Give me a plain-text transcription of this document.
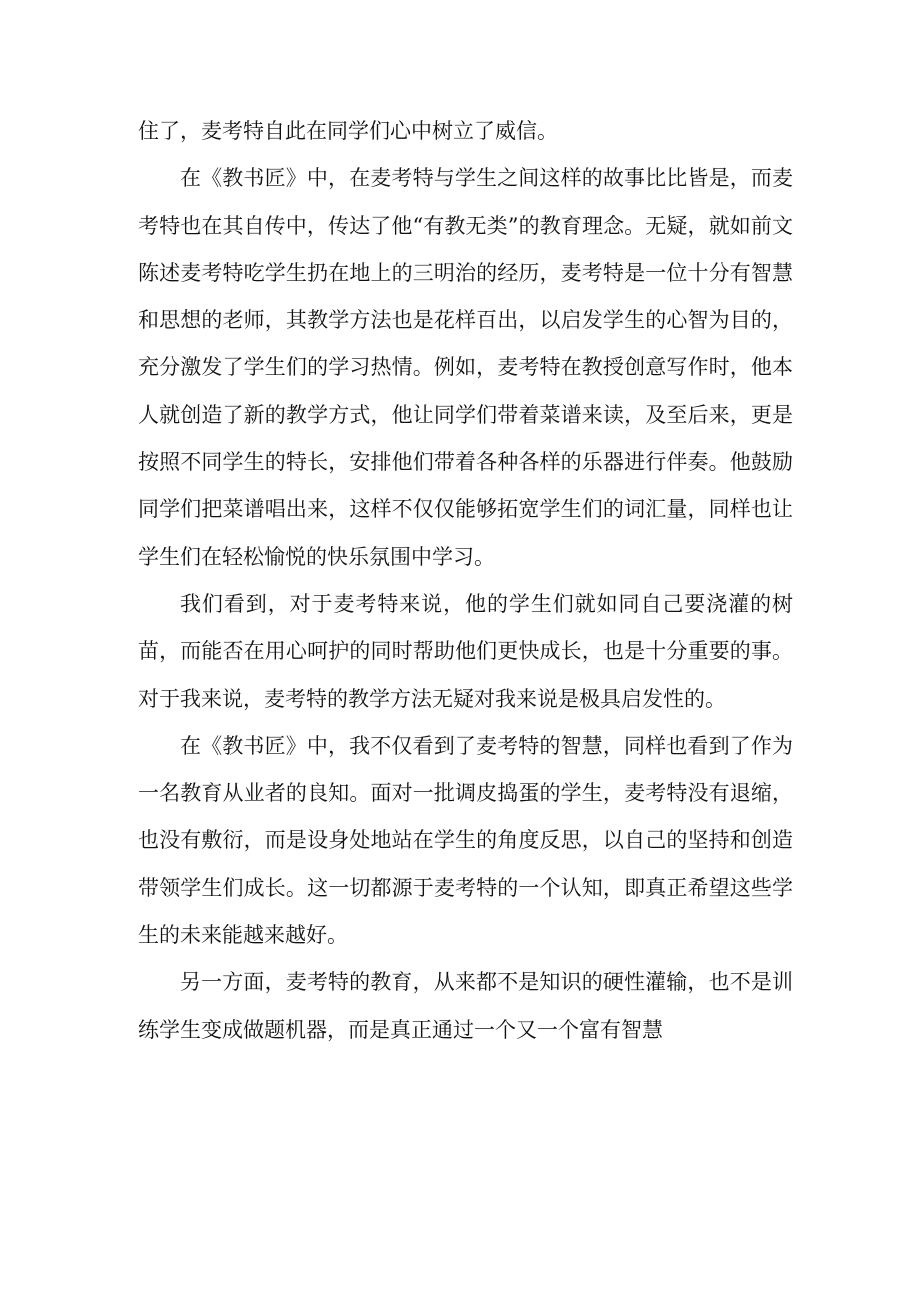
住了，麦考特自此在同学们心中树立了威信。

在《教书匠》中，在麦考特与学生之间这样的故事比比皆是，而麦考特也在其自传中，传达了他“有教无类”的教育理念。无疑，就如前文陈述麦考特吃学生扔在地上的三明治的经历，麦考特是一位十分有智慧和思想的老师，其教学方法也是花样百出，以启发学生的心智为目的，充分激发了学生们的学习热情。例如，麦考特在教授创意写作时，他本人就创造了新的教学方式，他让同学们带着菜谱来读，及至后来，更是按照不同学生的特长，安排他们带着各种各样的乐器进行伴奏。他鼓励同学们把菜谱唱出来，这样不仅仅能够拓宽学生们的词汇量，同样也让学生们在轻松愉悦的快乐氛围中学习。

我们看到，对于麦考特来说，他的学生们就如同自己要浇灌的树苗，而能否在用心呵护的同时帮助他们更快成长，也是十分重要的事。对于我来说，麦考特的教学方法无疑对我来说是极具启发性的。

在《教书匠》中，我不仅看到了麦考特的智慧，同样也看到了作为一名教育从业者的良知。面对一批调皮捣蛋的学生，麦考特没有退缩，也没有敷衍，而是设身处地站在学生的角度反思，以自己的坚持和创造带领学生们成长。这一切都源于麦考特的一个认知，即真正希望这些学生的未来能越来越好。

另一方面，麦考特的教育，从来都不是知识的硬性灌输，也不是训练学生变成做题机器，而是真正通过一个又一个富有智慧
